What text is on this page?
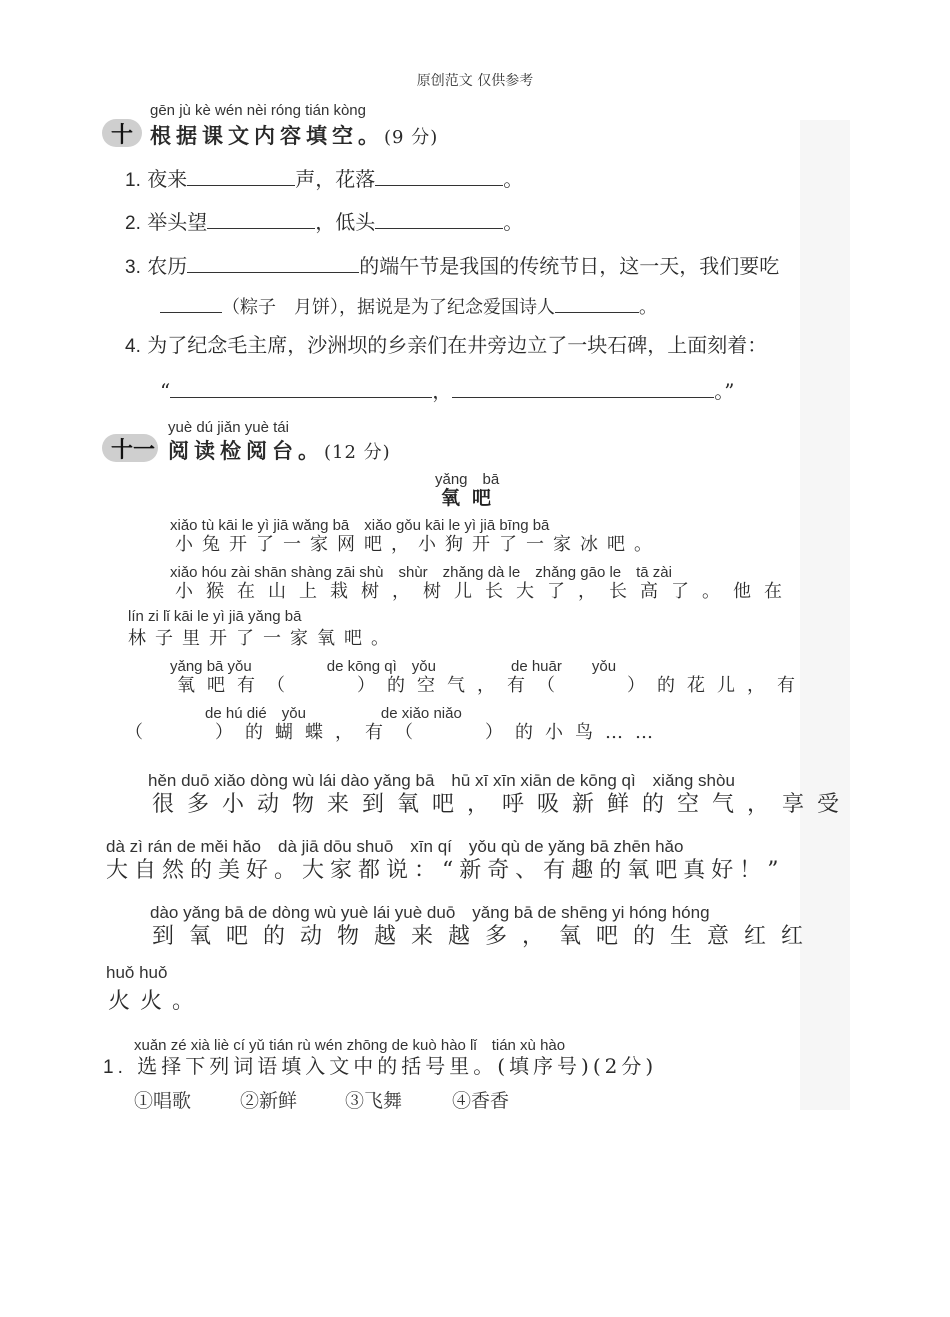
原创范文 仅供参考
gēn jù kè wén nèi róng tián kòng
十 根据课文内容填空。(9 分)
1. 夜来	声，花落	。
2. 举头望	，低头	。
3. 农历	的端午节是我国的传统节日，这一天，我们要吃
（粽子　月饼），据说是为了纪念爱国诗人	。
4. 为了纪念毛主席，沙洲坝的乡亲们在井旁边立了一块石碑，上面刻着：
“	，	。”
yuè dú jiǎn yuè tái
十一 阅读检阅台。(12 分)
yǎng　bā
氧吧
xiǎo tù kāi le yì jiā wǎng bā　xiǎo gǒu kāi le yì jiā bīng bā
小兔开了一家网吧，小狗开了一家冰吧。
xiǎo hóu zài shān shàng zāi shù　shùr　zhǎng dà le　zhǎng gāo le　tā zài
小猴在山上栽树，树儿长大了，长高了。他在
lín zi lǐ kāi le yì jiā yǎng bā
林子里开了一家氧吧。
yǎng bā yǒu　　　　　de kōng qì　yǒu　　　　　de huār　　yǒu
氧吧有（　　）的空气，有（　　）的花儿，有
de hú dié　yǒu　　　　　de xiǎo niǎo
（　　）的蝴蝶，有（　　）的小鸟……
hěn duō xiǎo dòng wù lái dào yǎng bā　hū xī xīn xiān de kōng qì　xiǎng shòu
很多小动物来到氧吧，呼吸新鲜的空气，享受
dà zì rán de měi hǎo　dà jiā dōu shuō　xīn qí　yǒu qù de yǎng bā zhēn hǎo
大自然的美好。大家都说：“新奇、有趣的氧吧真好！”
dào yǎng bā de dòng wù yuè lái yuè duō　yǎng bā de shēng yi hóng hóng
到氧吧的动物越来越多，氧吧的生意红红
huǒ huǒ
火火。
xuǎn zé xià liè cí yǔ tián rù wén zhōng de kuò hào lǐ　tián xù hào
1. 选择下列词语填入文中的括号里。(填序号)(2分)
①唱歌	②新鲜	③飞舞	④香香
